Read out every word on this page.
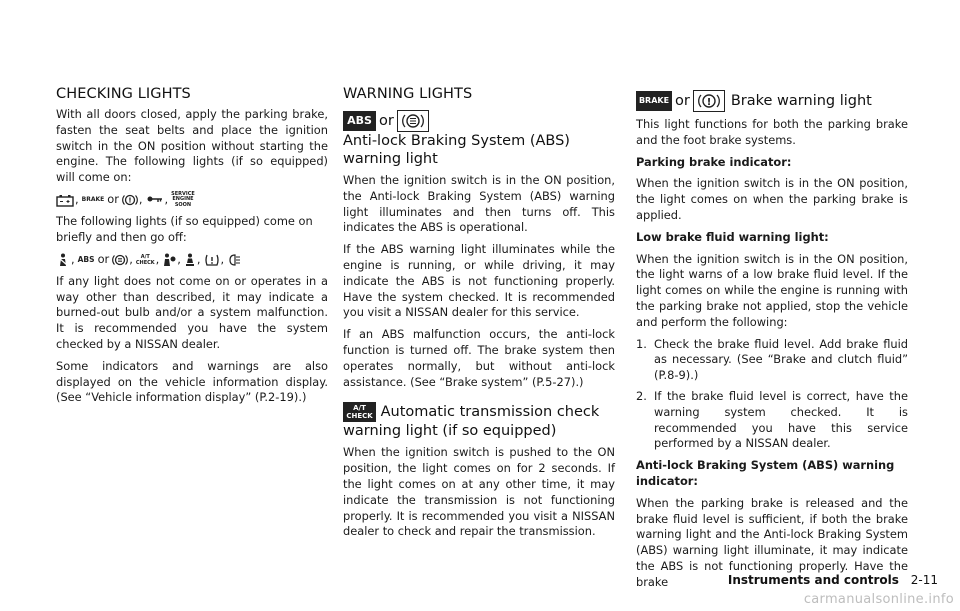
CHECKING LIGHTS

With all doors closed, apply the parking brake, fasten the seat belts and place the ignition switch in the ON position without starting the engine. The following lights (if so equipped) will come on:

, BRAKE or ! , , SERVICE
ENGINE
SOON

The following lights (if so equipped) come on briefly and then go off:

, ABS or ,	A/T
CHECK , , , ,

If any light does not come on or operates in a way other than described, it may indicate a burned-out bulb and/or a system malfunction. It is recommended you have the system checked by a NISSAN dealer.

Some indicators and warnings are also displayed on the vehicle information display. (See “Vehicle information display” (P.2-19).)

WARNING LIGHTS
ABS or
Anti-lock Braking System (ABS) warning light

When the ignition switch is in the ON position, the Anti-lock Braking System (ABS) warning light illuminates and then turns off. This indicates the ABS is operational.

If the ABS warning light illuminates while the engine is running, or while driving, it may indicate the ABS is not functioning properly. Have the system checked. It is recommended you visit a NISSAN dealer for this service.

If an ABS malfunction occurs, the anti-lock function is turned off. The brake system then operates normally, but without anti-lock assistance. (See “Brake system” (P.5-27).)

A/T
CHECK Automatic transmission check warning light (if so equipped)

When the ignition switch is pushed to the ON position, the light comes on for 2 seconds. If the light comes on at any other time, it may indicate the transmission is not functioning properly. It is recommended you visit a NISSAN dealer to check and repair the transmission.

BRAKE or ! Brake warning light

This light functions for both the parking brake and the foot brake systems.

Parking brake indicator:

When the ignition switch is in the ON position, the light comes on when the parking brake is applied.

Low brake fluid warning light:

When the ignition switch is in the ON position, the light warns of a low brake fluid level. If the light comes on while the engine is running with the parking brake not applied, stop the vehicle and perform the following:

1. Check the brake fluid level. Add brake fluid as necessary. (See “Brake and clutch fluid” (P.8-9).)
2. If the brake fluid level is correct, have the warning system checked. It is recommended you have this service performed by a NISSAN dealer.

Anti-lock Braking System (ABS) warning indicator:

When the parking brake is released and the brake fluid level is sufficient, if both the brake warning light and the Anti-lock Braking System (ABS) warning light illuminate, it may indicate the ABS is not functioning properly. Have the brake	Instruments and controls 2-11
carmanualsonline.info
